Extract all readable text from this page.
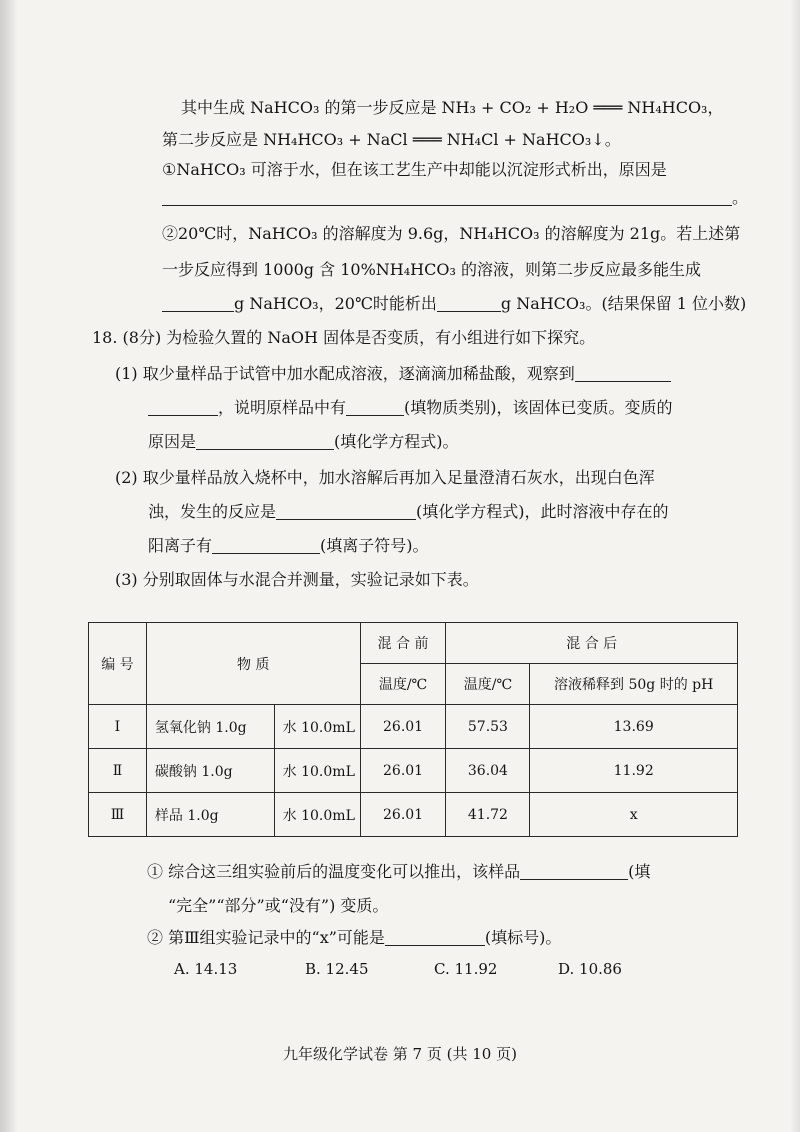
其中生成 NaHCO₃ 的第一步反应是 NH₃ + CO₂ + H₂O ═══ NH₄HCO₃，
第二步反应是 NH₄HCO₃ + NaCl ═══ NH₄Cl + NaHCO₃↓。
①NaHCO₃ 可溶于水，但在该工艺生产中却能以沉淀形式析出，原因是
。
②20℃时，NaHCO₃ 的溶解度为 9.6g，NH₄HCO₃ 的溶解度为 21g。若上述第
一步反应得到 1000g 含 10%NH₄HCO₃ 的溶液，则第二步反应最多能生成
g NaHCO₃，20℃时能析出	g NaHCO₃。(结果保留 1 位小数)
18. (8分) 为检验久置的 NaOH 固体是否变质，有小组进行如下探究。
(1) 取少量样品于试管中加水配成溶液，逐滴滴加稀盐酸，观察到
，说明原样品中有	(填物质类别)，该固体已变质。变质的
原因是	(填化学方程式)。
(2) 取少量样品放入烧杯中，加水溶解后再加入足量澄清石灰水，出现白色浑
浊，发生的反应是	(填化学方程式)，此时溶液中存在的
阳离子有	(填离子符号)。
(3) 分别取固体与水混合并测量，实验记录如下表。
编 号	物 质		混 合 前	混 合 后	
			温度/℃	温度/℃	溶液稀释到 50g 时的 pH
Ⅰ	氢氧化钠 1.0g	水 10.0mL	26.01	57.53	13.69
Ⅱ	碳酸钠 1.0g	水 10.0mL	26.01	36.04	11.92
Ⅲ	样品 1.0g	水 10.0mL	26.01	41.72	x
① 综合这三组实验前后的温度变化可以推出，该样品	(填
“完全”“部分”或“没有”) 变质。
② 第Ⅲ组实验记录中的“x”可能是	(填标号)。
A. 14.13	B. 12.45	C. 11.92	D. 10.86
九年级化学试卷 第 7 页 (共 10 页)
